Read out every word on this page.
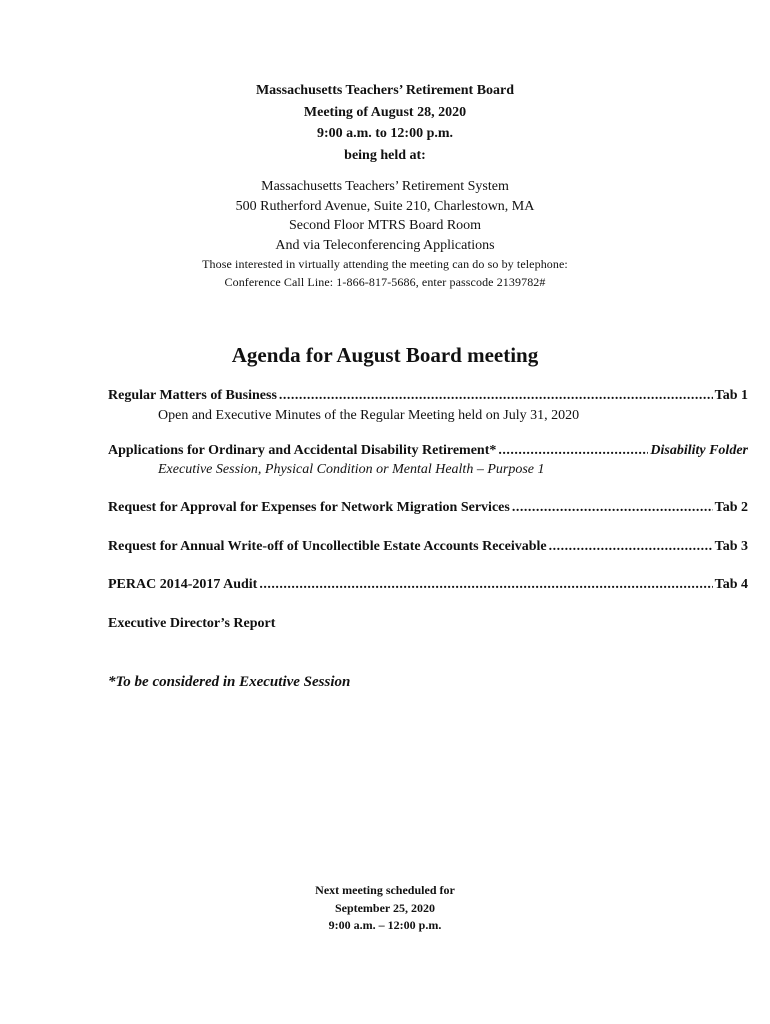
Massachusetts Teachers’ Retirement Board
Meeting of August 28, 2020
9:00 a.m. to 12:00 p.m.
being held at:
Massachusetts Teachers’ Retirement System
500 Rutherford Avenue, Suite 210, Charlestown, MA
Second Floor MTRS Board Room
And via Teleconferencing Applications
Those interested in virtually attending the meeting can do so by telephone:
Conference Call Line: 1-866-817-5686, enter passcode 2139782#
Agenda for August Board meeting
Regular Matters of Business .....	Tab 1
Open and Executive Minutes of the Regular Meeting held on July 31, 2020
Applications for Ordinary and Accidental Disability Retirement* .....	Disability Folder
Executive Session, Physical Condition or Mental Health – Purpose 1
Request for Approval for Expenses for Network Migration Services .....	Tab 2
Request for Annual Write-off of Uncollectible Estate Accounts Receivable .....	Tab 3
PERAC 2014-2017 Audit .....	Tab 4
Executive Director’s Report
*To be considered in Executive Session
Next meeting scheduled for
September 25, 2020
9:00 a.m. – 12:00 p.m.
